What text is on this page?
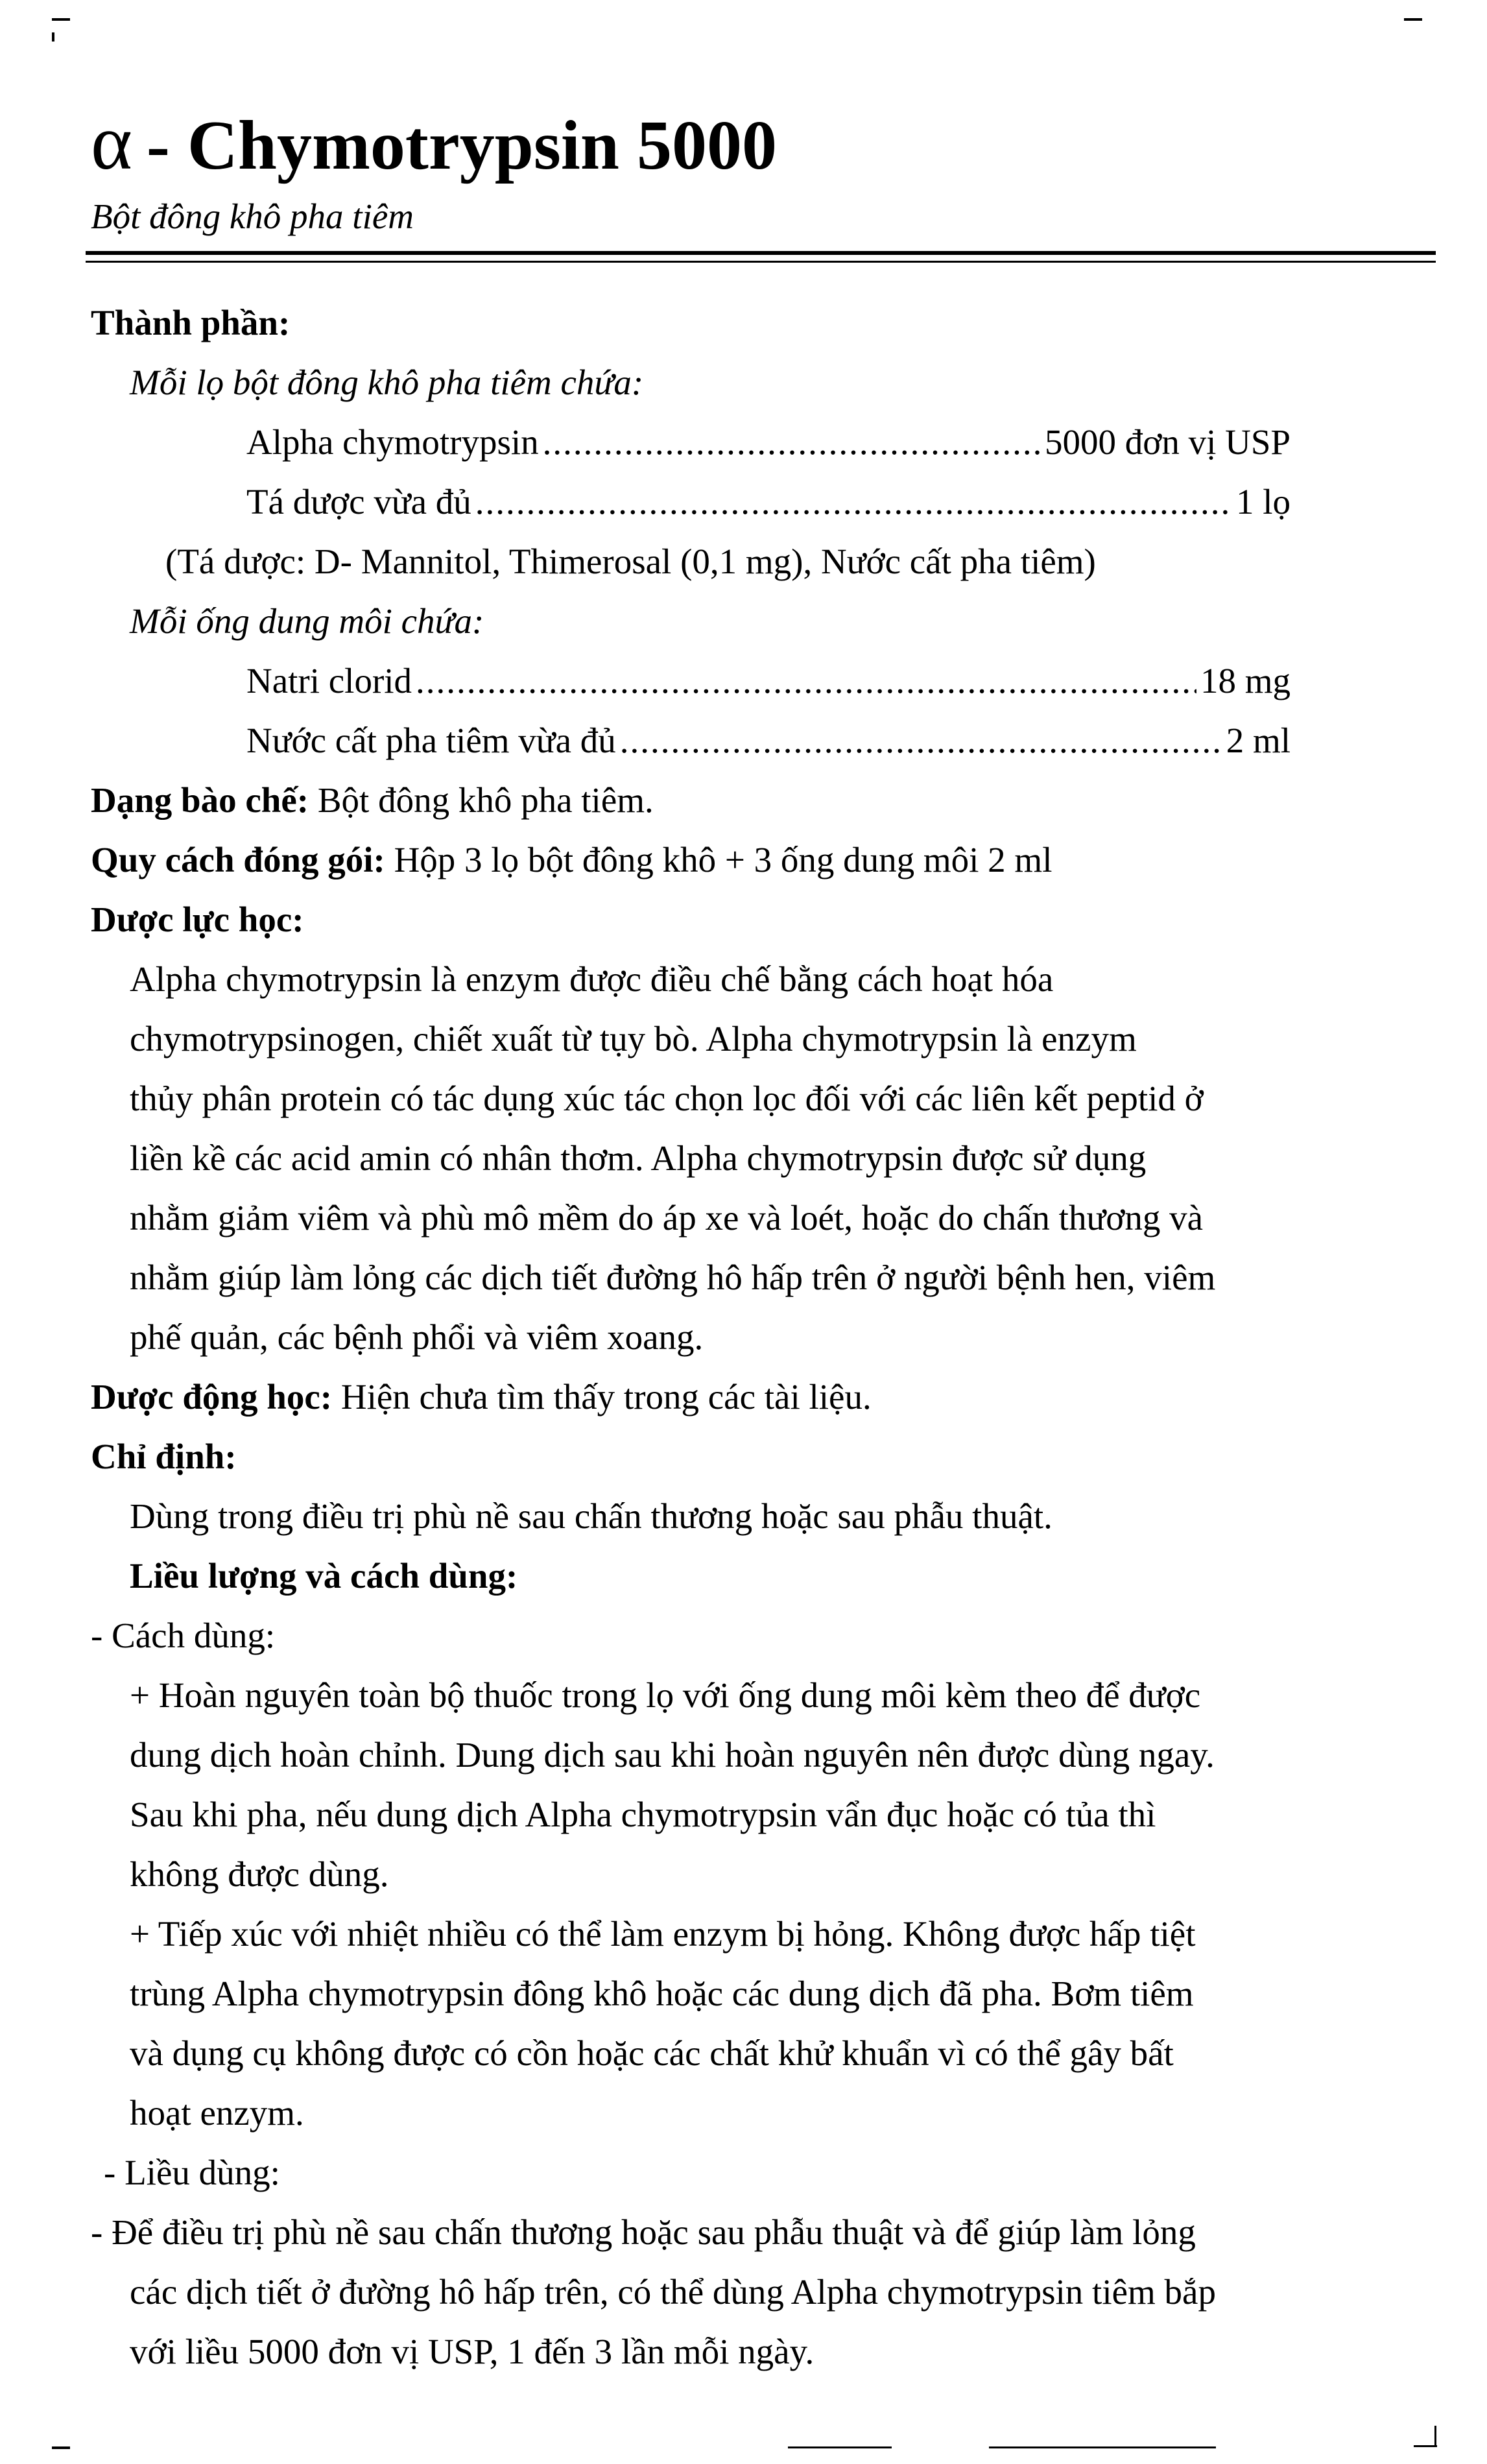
α - Chymotrypsin 5000
Bột đông khô pha tiêm

Thành phần:

Mỗi lọ bột đông khô pha tiêm chứa:

Alpha chymotrypsin .....	5000 đơn vị USP
Tá dược vừa đủ .....	1 lọ

(Tá dược: D- Mannitol, Thimerosal (0,1 mg), Nước cất pha tiêm)

Mỗi ống dung môi chứa:

Natri clorid .....	18 mg
Nước cất pha tiêm vừa đủ .....	2 ml

Dạng bào chế: Bột đông khô pha tiêm.

Quy cách đóng gói: Hộp 3 lọ bột đông khô + 3 ống dung môi 2 ml

Dược lực học:

Alpha chymotrypsin là enzym được điều chế bằng cách hoạt hóa

chymotrypsinogen, chiết xuất từ tụy bò. Alpha chymotrypsin là enzym

thủy phân protein có tác dụng xúc tác chọn lọc đối với các liên kết peptid ở

liền kề các acid amin có nhân thơm. Alpha chymotrypsin được sử dụng

nhằm giảm viêm và phù mô mềm do áp xe và loét, hoặc do chấn thương và

nhằm giúp làm lỏng các dịch tiết đường hô hấp trên ở người bệnh hen, viêm

phế quản, các bệnh phổi và viêm xoang.

Dược động học: Hiện chưa tìm thấy trong các tài liệu.

Chỉ định:

Dùng trong điều trị phù nề sau chấn thương hoặc sau phẫu thuật.

Liều lượng và cách dùng:

- Cách dùng:

+ Hoàn nguyên toàn bộ thuốc trong lọ với ống dung môi kèm theo để được

dung dịch hoàn chỉnh. Dung dịch sau khi hoàn nguyên nên được dùng ngay.

Sau khi pha, nếu dung dịch Alpha chymotrypsin vẩn đục hoặc có tủa thì

không được dùng.

+ Tiếp xúc với nhiệt nhiều có thể làm enzym bị hỏng. Không được hấp tiệt

trùng Alpha chymotrypsin đông khô hoặc các dung dịch đã pha. Bơm tiêm

và dụng cụ không được có cồn hoặc các chất khử khuẩn vì có thể gây bất

hoạt enzym.

- Liều dùng:

- Để điều trị phù nề sau chấn thương hoặc sau phẫu thuật và để giúp làm lỏng

các dịch tiết ở đường hô hấp trên, có thể dùng Alpha chymotrypsin tiêm bắp

với liều 5000 đơn vị USP, 1 đến 3 lần mỗi ngày.
